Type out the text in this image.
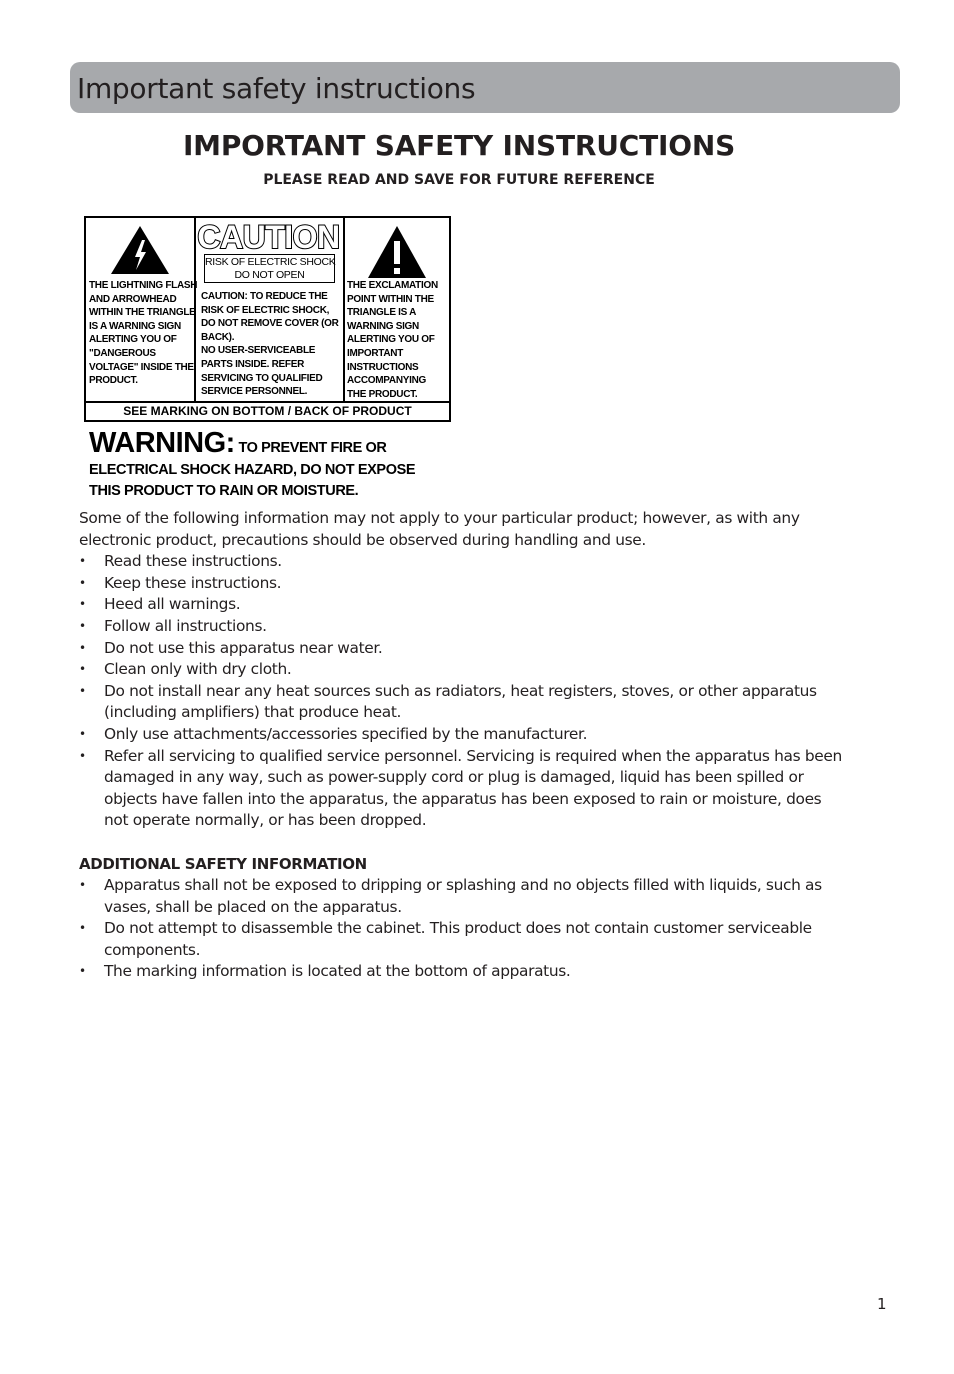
Important safety instructions
IMPORTANT SAFETY INSTRUCTIONS
PLEASE READ AND SAVE FOR FUTURE REFERENCE
THE LIGHTNING FLASH
AND ARROWHEAD
WITHIN THE TRIANGLE
IS A WARNING SIGN
ALERTING YOU OF
"DANGEROUS
VOLTAGE" INSIDE THE
PRODUCT.
CAUTION
RISK OF ELECTRIC SHOCK
DO NOT OPEN
CAUTION: TO REDUCE THE
RISK OF ELECTRIC SHOCK,
DO NOT REMOVE COVER (OR
BACK).
NO USER-SERVICEABLE
PARTS INSIDE. REFER
SERVICING TO QUALIFIED
SERVICE PERSONNEL.
THE EXCLAMATION
POINT WITHIN THE
TRIANGLE IS A
WARNING SIGN
ALERTING YOU OF
IMPORTANT
INSTRUCTIONS
ACCOMPANYING
THE PRODUCT.
SEE MARKING ON BOTTOM / BACK OF PRODUCT
WARNING: TO PREVENT FIRE OR
ELECTRICAL SHOCK HAZARD, DO NOT EXPOSE
THIS PRODUCT TO RAIN OR MOISTURE.

Some of the following information may not apply to your particular product; however, as with any electronic product, precautions should be observed during handling and use.

• Read these instructions.
• Keep these instructions.
• Heed all warnings.
• Follow all instructions.
• Do not use this apparatus near water.
• Clean only with dry cloth.
• Do not install near any heat sources such as radiators, heat registers, stoves, or other apparatus (including amplifiers) that produce heat.
• Only use attachments/accessories specified by the manufacturer.
• Refer all servicing to qualified service personnel. Servicing is required when the apparatus has been damaged in any way, such as power-supply cord or plug is damaged, liquid has been spilled or objects have fallen into the apparatus, the apparatus has been exposed to rain or moisture, does not operate normally, or has been dropped.

ADDITIONAL SAFETY INFORMATION

• Apparatus shall not be exposed to dripping or splashing and no objects filled with liquids, such as vases, shall be placed on the apparatus.
• Do not attempt to disassemble the cabinet. This product does not contain customer serviceable components.
• The marking information is located at the bottom of apparatus.
1
